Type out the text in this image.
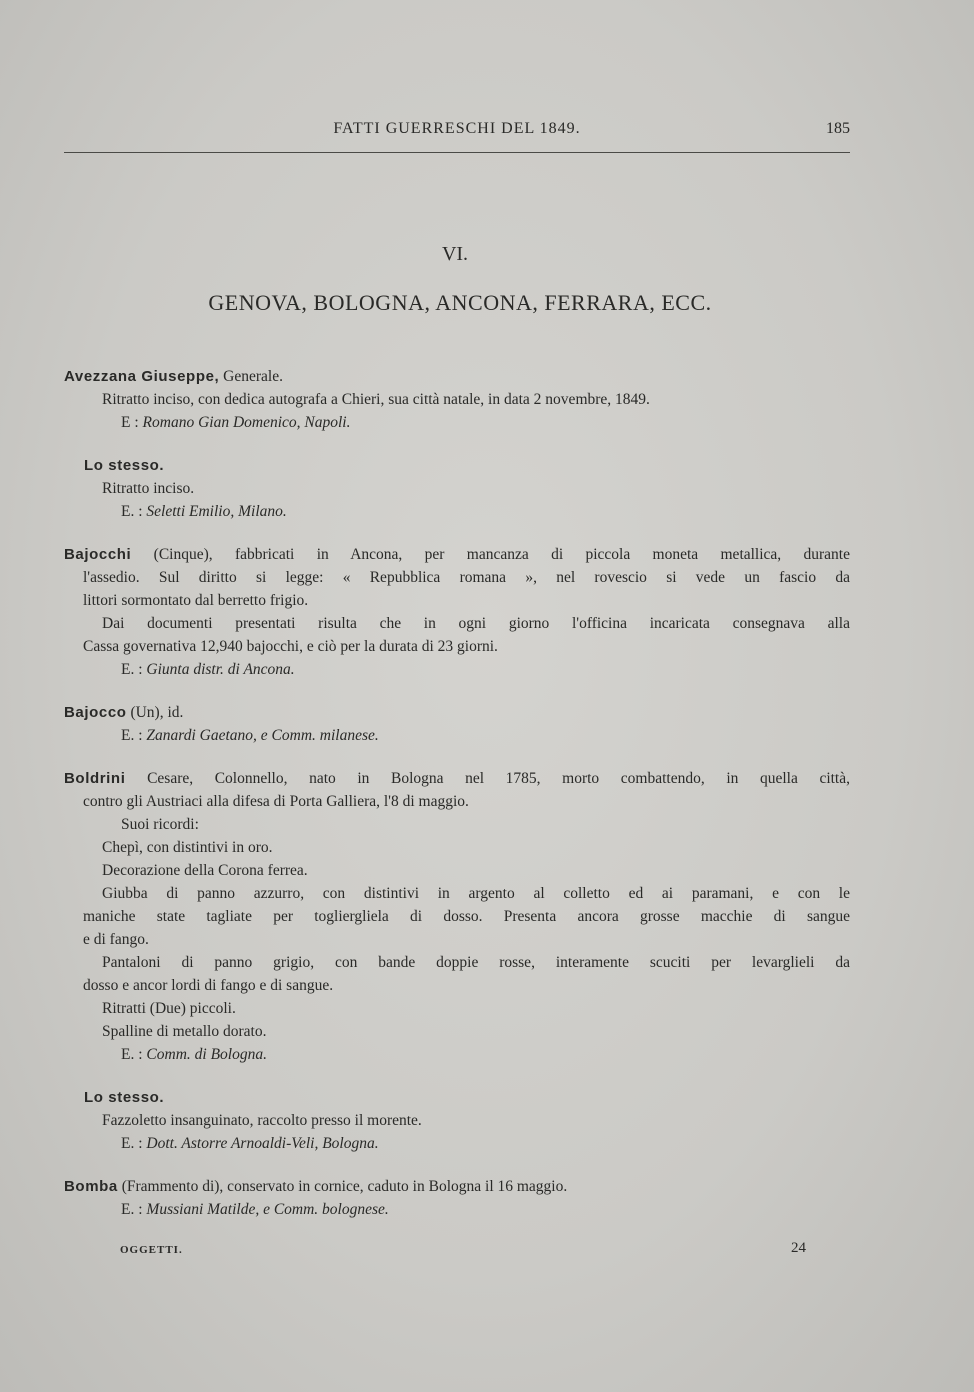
FATTI GUERRESCHI DEL 1849.	185
VI.
GENOVA, BOLOGNA, ANCONA, FERRARA, ECC.
Avezzana Giuseppe, Generale.
Ritratto inciso, con dedica autografa a Chieri, sua città natale, in data 2 novembre, 1849.
E : Romano Gian Domenico, Napoli.
Lo stesso.
Ritratto inciso.
E. : Seletti Emilio, Milano.
Bajocchi (Cinque), fabbricati in Ancona, per mancanza di piccola moneta metallica, durante
l'assedio. Sul diritto si legge: « Repubblica romana », nel rovescio si vede un fascio da
littori sormontato dal berretto frigio.
Dai documenti presentati risulta che in ogni giorno l'officina incaricata consegnava alla
Cassa governativa 12,940 bajocchi, e ciò per la durata di 23 giorni.
E. : Giunta distr. di Ancona.
Bajocco (Un), id.
E. : Zanardi Gaetano, e Comm. milanese.
Boldrini Cesare, Colonnello, nato in Bologna nel 1785, morto combattendo, in quella città,
contro gli Austriaci alla difesa di Porta Galliera, l'8 di maggio.
Suoi ricordi:
Chepì, con distintivi in oro.
Decorazione della Corona ferrea.
Giubba di panno azzurro, con distintivi in argento al colletto ed ai paramani, e con le
maniche state tagliate per togliergliela di dosso. Presenta ancora grosse macchie di sangue
e di fango.
Pantaloni di panno grigio, con bande doppie rosse, interamente scuciti per levarglieli da
dosso e ancor lordi di fango e di sangue.
Ritratti (Due) piccoli.
Spalline di metallo dorato.
E. : Comm. di Bologna.
Lo stesso.
Fazzoletto insanguinato, raccolto presso il morente.
E. : Dott. Astorre Arnoaldi-Veli, Bologna.
Bomba (Frammento di), conservato in cornice, caduto in Bologna il 16 maggio.
E. : Mussiani Matilde, e Comm. bolognese.
OGGETTI.	24
